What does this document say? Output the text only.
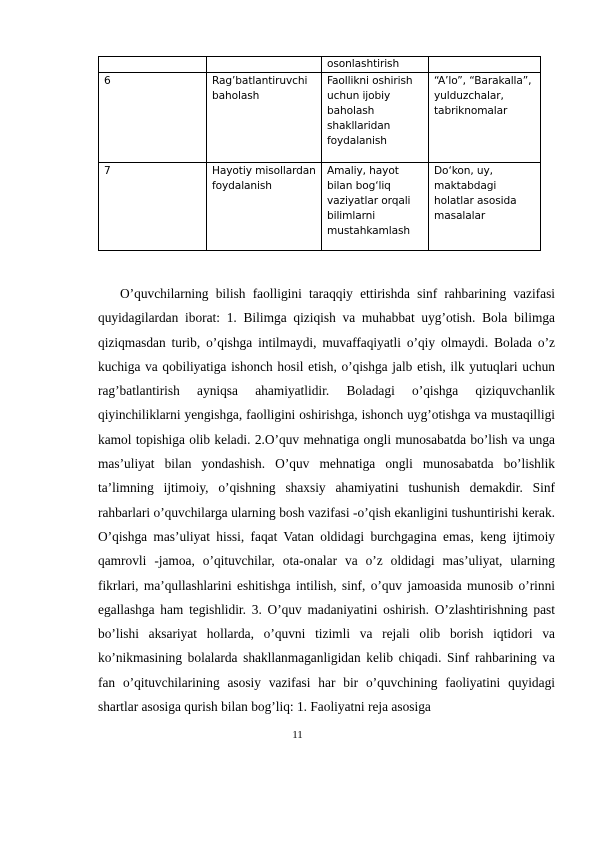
		osonlashtirish	
6	Rag’batlantiruvchi baholash	Faollikni oshirish uchun ijobiy baholash shakllaridan foydalanish	“A’lo”, “Barakalla”, yulduzchalar, tabriknomalar
7	Hayotiy misollardan foydalanish	Amaliy, hayot bilan bog‘liq vaziyatlar orqali bilimlarni mustahkamlash	Do‘kon, uy, maktabdagi holatlar asosida masalalar

O’quvchilarning bilish faolligini taraqqiy ettirishda sinf rahbarining vazifasi quyidagilardan iborat: 1. Bilimga qiziqish va muhabbat uyg’otish. Bola bilimga qiziqmasdan turib, o’qishga intilmaydi, muvaffaqiyatli o’qiy olmaydi. Bolada o’z kuchiga va qobiliyatiga ishonch hosil etish, o’qishga jalb etish, ilk yutuqlari uchun rag’batlantirish ayniqsa ahamiyatlidir. Boladagi o’qishga qiziquvchanlik qiyinchiliklarni yengishga, faolligini oshirishga, ishonch uyg’otishga va mustaqilligi kamol topishiga olib keladi. 2.O’quv mehnatiga ongli munosabatda bo’lish va unga mas’uliyat bilan yondashish. O’quv mehnatiga ongli munosabatda bo’lishlik ta’limning ijtimoiy, o’qishning shaxsiy ahamiyatini tushunish demakdir. Sinf rahbarlari o’quvchilarga ularning bosh vazifasi -o’qish ekanligini tushuntirishi kerak. O’qishga mas’uliyat hissi, faqat Vatan oldidagi burchgagina emas, keng ijtimoiy qamrovli -jamoa, o’qituvchilar, ota-onalar va o’z oldidagi mas’uliyat, ularning fikrlari, ma’qullashlarini eshitishga intilish, sinf, o’quv jamoasida munosib o’rinni egallashga ham tegishlidir. 3. O’quv madaniyatini oshirish. O’zlashtirishning past bo’lishi aksariyat hollarda, o’quvni tizimli va rejali olib borish iqtidori va ko’nikmasining bolalarda shakllanmaganligidan kelib chiqadi. Sinf rahbarining va fan o’qituvchilarining asosiy vazifasi har bir o’quvchining faoliyatini quyidagi shartlar asosiga qurish bilan bog’liq: 1. Faoliyatni reja asosiga

11
